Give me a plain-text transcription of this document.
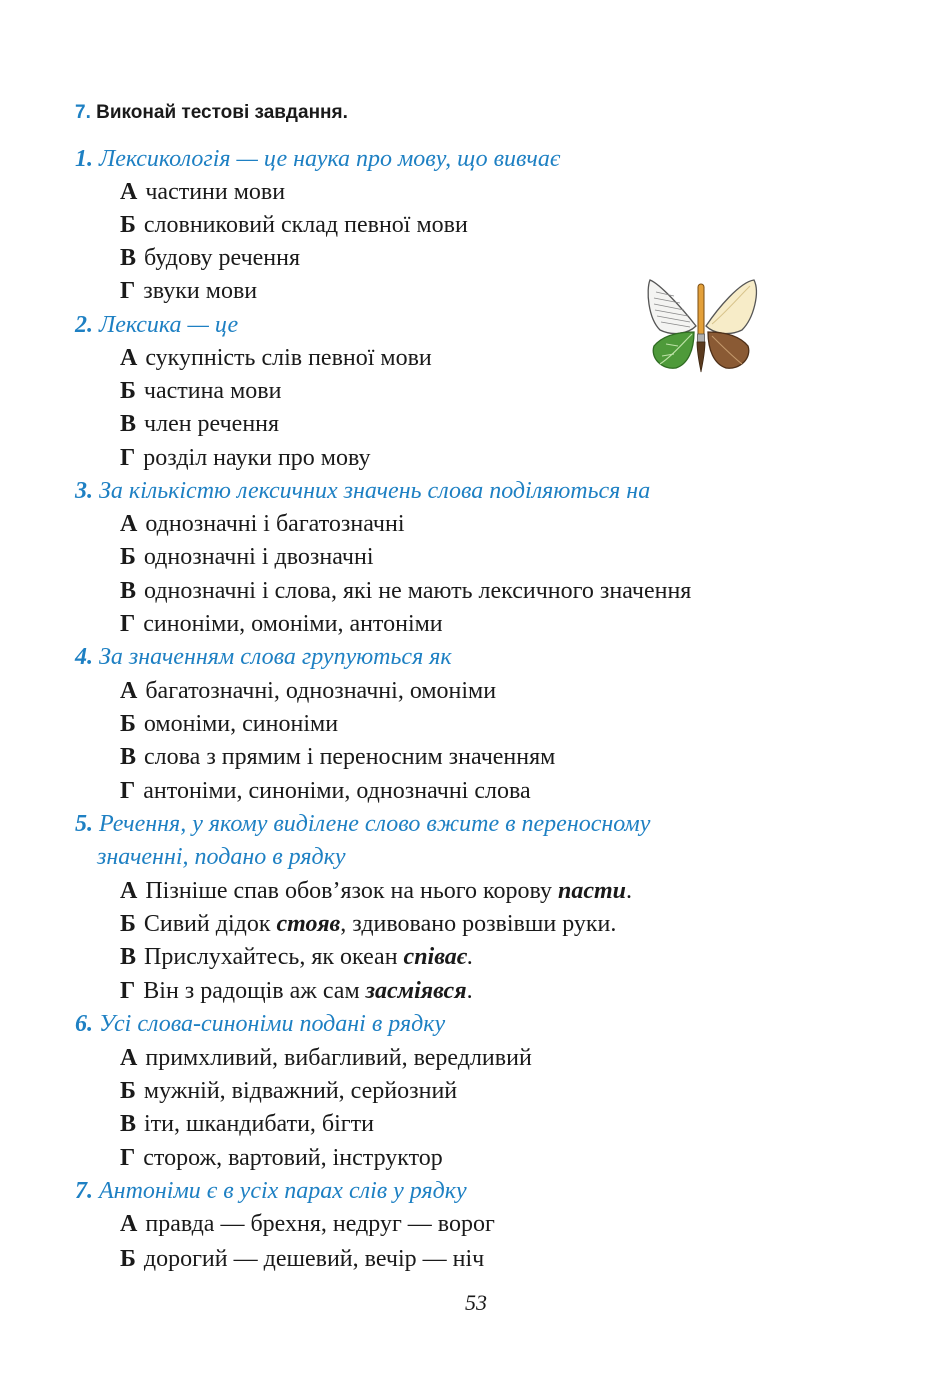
7. Виконай тестові завдання.
1. Лексикологія — це наука про мову, що вивчає
А частини мови
Б словниковий склад певної мови
В будову речення
Г звуки мови
2. Лексика — це
А сукупність слів певної мови
Б частина мови
В член речення
Г розділ науки про мову
3. За кількістю лексичних значень слова поділяються на
А однозначні і багатозначні
Б однозначні і двозначні
В однозначні і слова, які не мають лексичного значення
Г синоніми, омоніми, антоніми
4. За значенням слова групуються як
А багатозначні, однозначні, омоніми
Б омоніми, синоніми
В слова з прямим і переносним значенням
Г антоніми, синоніми, однозначні слова
5. Речення, у якому виділене слово вжите в переносному
значенні, подано в рядку
А Пізніше спав обов’язок на нього корову пасти.
Б Сивий дідок стояв, здивовано розвівши руки.
В Прислухайтесь, як океан співає.
Г Він з радощів аж сам засміявся.
6. Усі слова-синоніми подані в рядку
А примхливий, вибагливий, вередливий
Б мужній, відважний, серйозний
В іти, шкандибати, бігти
Г сторож, вартовий, інструктор
7. Антоніми є в усіх парах слів у рядку
А правда — брехня, недруг — ворог
Б дорогий — дешевий, вечір — ніч
53
